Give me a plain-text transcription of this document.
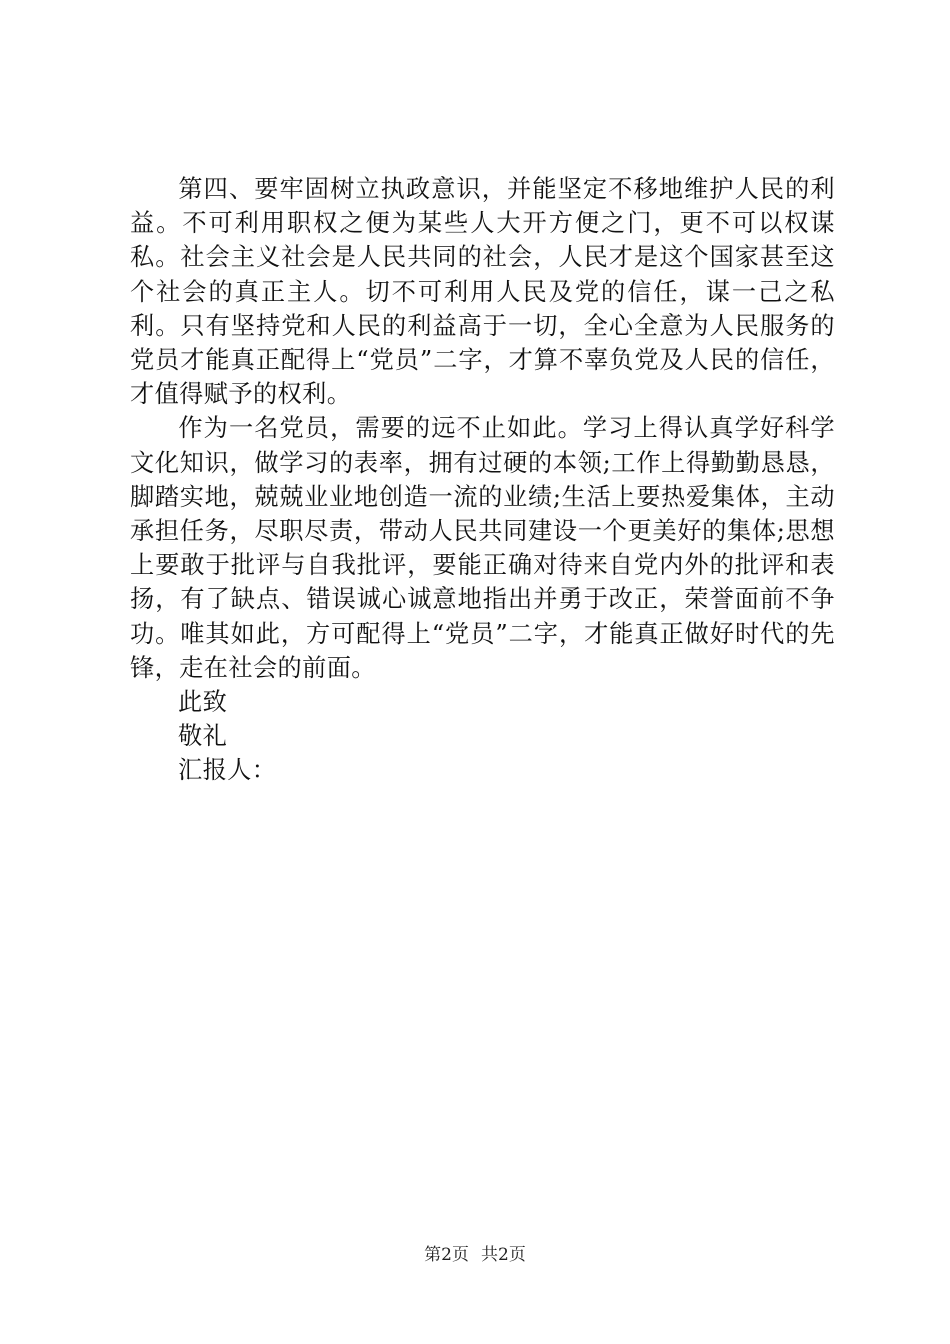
第四、要牢固树立执政意识，并能坚定不移地维护人民的利益。不可利用职权之便为某些人大开方便之门，更不可以权谋私。社会主义社会是人民共同的社会，人民才是这个国家甚至这个社会的真正主人。切不可利用人民及党的信任，谋一己之私利。只有坚持党和人民的利益高于一切，全心全意为人民服务的党员才能真正配得上“党员”二字，才算不辜负党及人民的信任，才值得赋予的权利。

作为一名党员，需要的远不止如此。学习上得认真学好科学文化知识，做学习的表率，拥有过硬的本领;工作上得勤勤恳恳，脚踏实地，兢兢业业地创造一流的业绩;生活上要热爱集体，主动承担任务，尽职尽责，带动人民共同建设一个更美好的集体;思想上要敢于批评与自我批评，要能正确对待来自党内外的批评和表扬，有了缺点、错误诚心诚意地指出并勇于改正，荣誉面前不争功。唯其如此，方可配得上“党员”二字，才能真正做好时代的先锋，走在社会的前面。

此致
敬礼
汇报人：
第2页 共2页
